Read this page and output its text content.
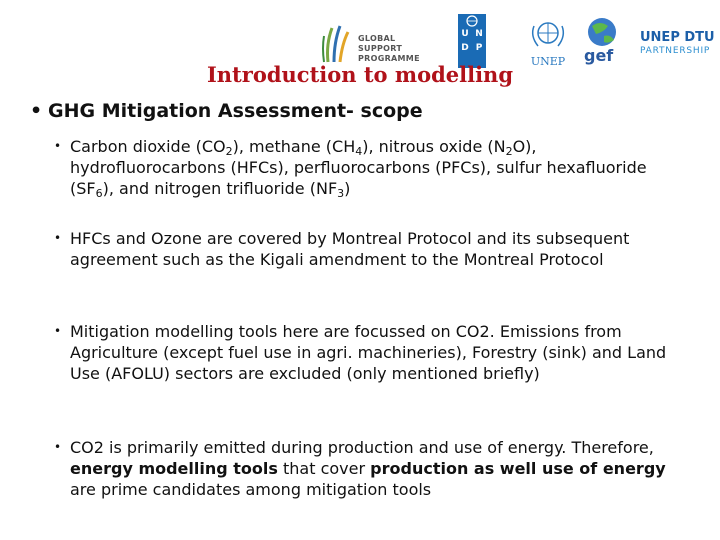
GLOBAL SUPPORT
PROGRAMME
U N
D P
UNEP	gef
UNEP DTU
PARTNERSHIP
Introduction to modelling
• GHG Mitigation Assessment- scope
• Carbon dioxide $(CO_2)$, methane $(CH_4)$, nitrous oxide $(N_2O)$, hydrofluorocarbons (HFCs), perfluorocarbons (PFCs), sulfur hexafluoride $(SF_6)$, and nitrogen trifluoride $(NF_3)$
• HFCs and Ozone are covered by Montreal Protocol and its subsequent agreement such as the Kigali amendment to the Montreal Protocol
• Mitigation modelling tools here are focussed on CO2. Emissions from Agriculture (except fuel use in agri. machineries), Forestry (sink) and Land Use (AFOLU) sectors are excluded (only mentioned briefly)
• CO2 is primarily emitted during production and use of energy. Therefore, energy modelling tools that cover production as well use of energy are prime candidates among mitigation tools
